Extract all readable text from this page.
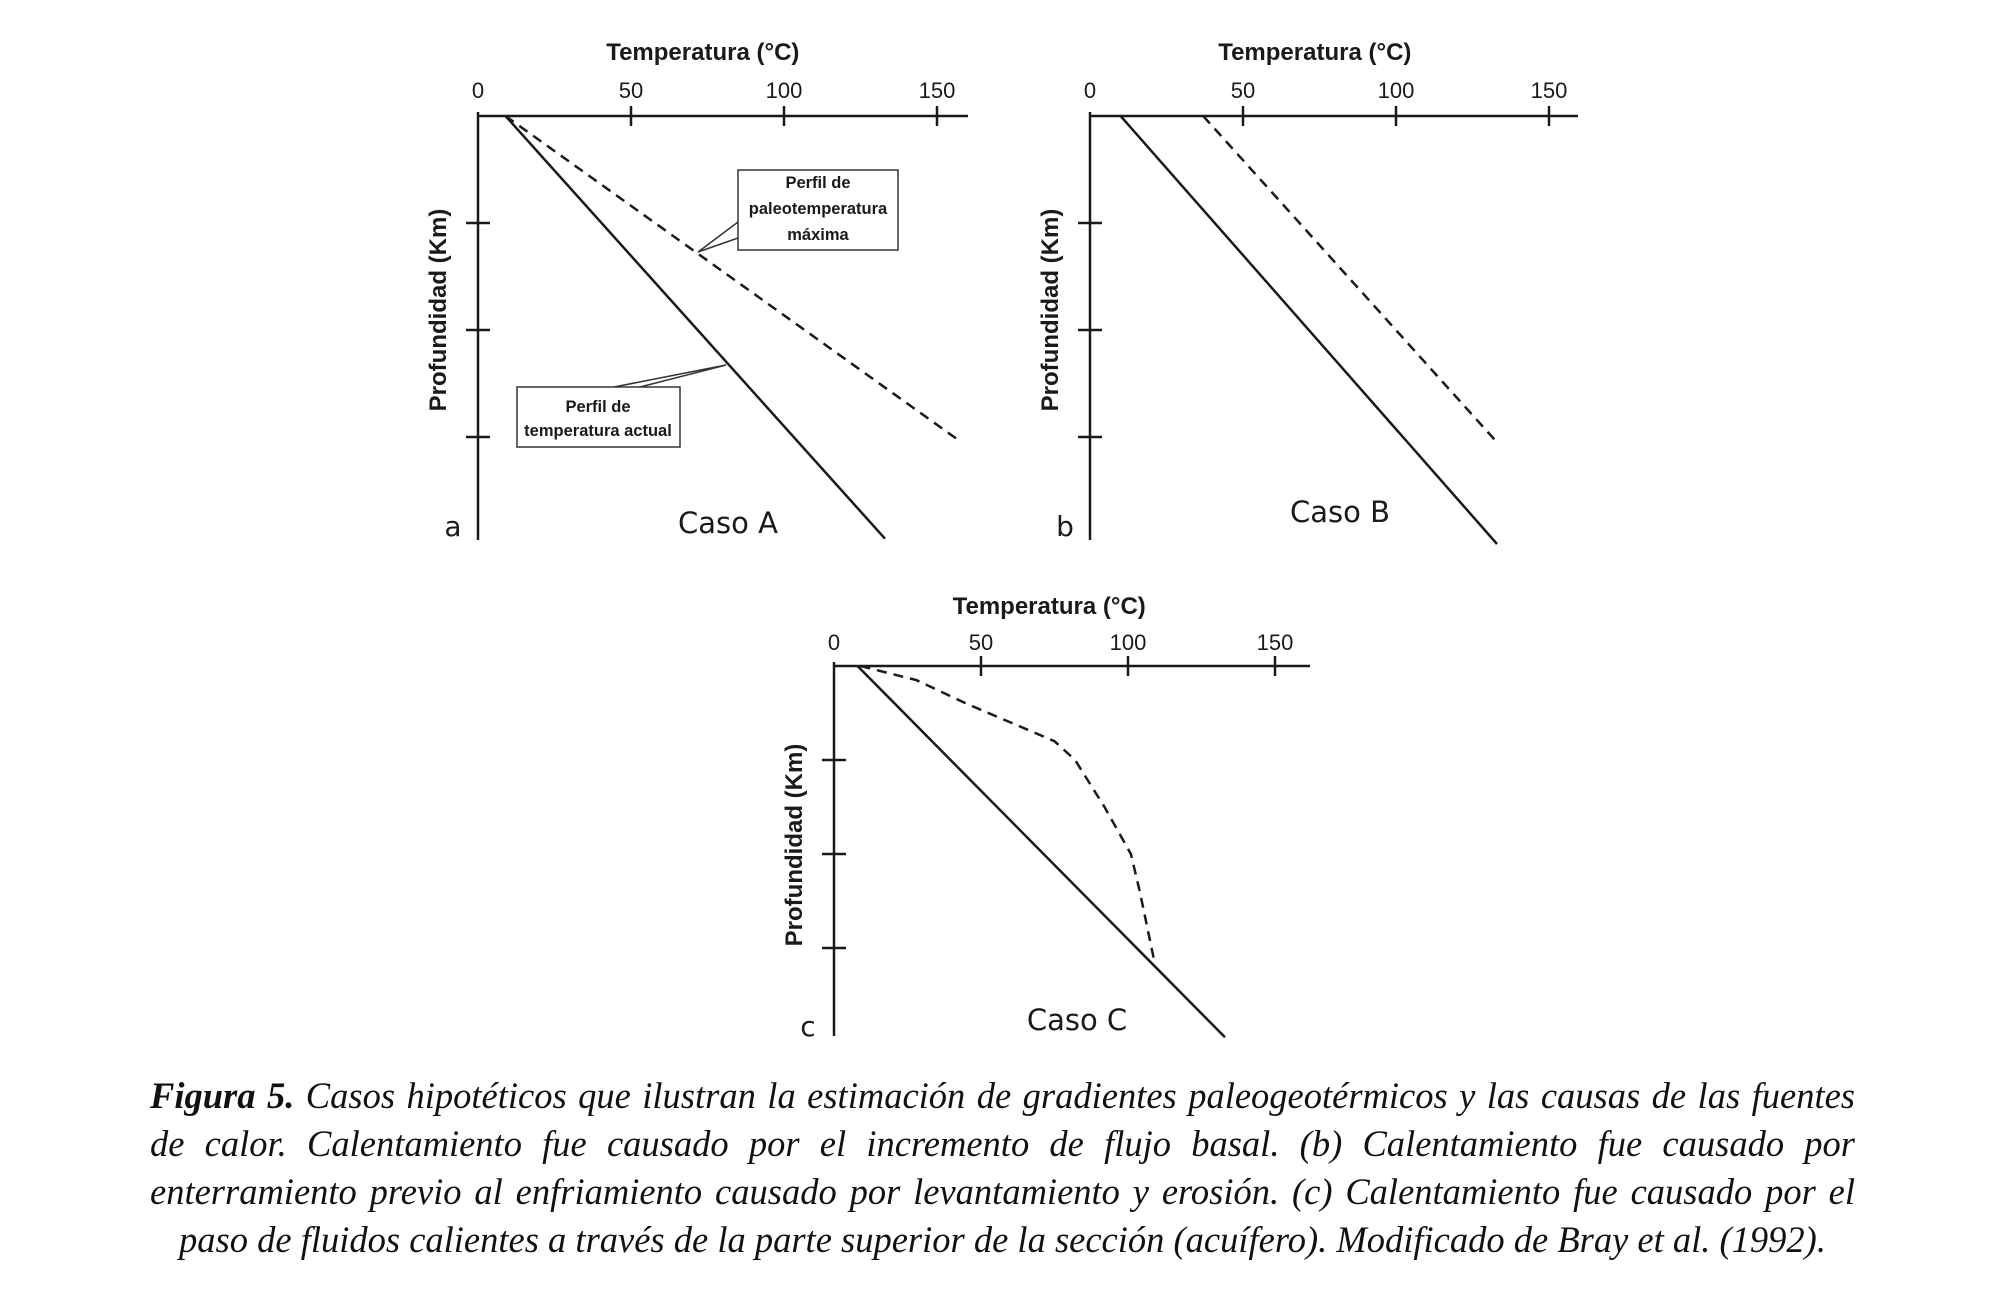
0	50	100	150
Temperatura (°C)
Profundidad (Km)
a	Caso A
Perfil de
paleotemperatura
máxima
Perfil de
temperatura actual
0	50	100	150
Temperatura (°C)
Profundidad (Km)
b	Caso B
0	50	100	150
Temperatura (°C)
Profundidad (Km)
c	Caso C

Figura 5. Casos hipotéticos que ilustran la estimación de gradientes paleogeotérmicos y las causas de las fuentes de calor. Calentamiento fue causado por el incremento de flujo basal. (b) Calentamiento fue causado por enterramiento previo al enfriamiento causado por levantamiento y erosión. (c) Calentamiento fue causado por el paso de fluidos calientes a través de la parte superior de la sección (acuífero). Modificado de Bray et al. (1992).
